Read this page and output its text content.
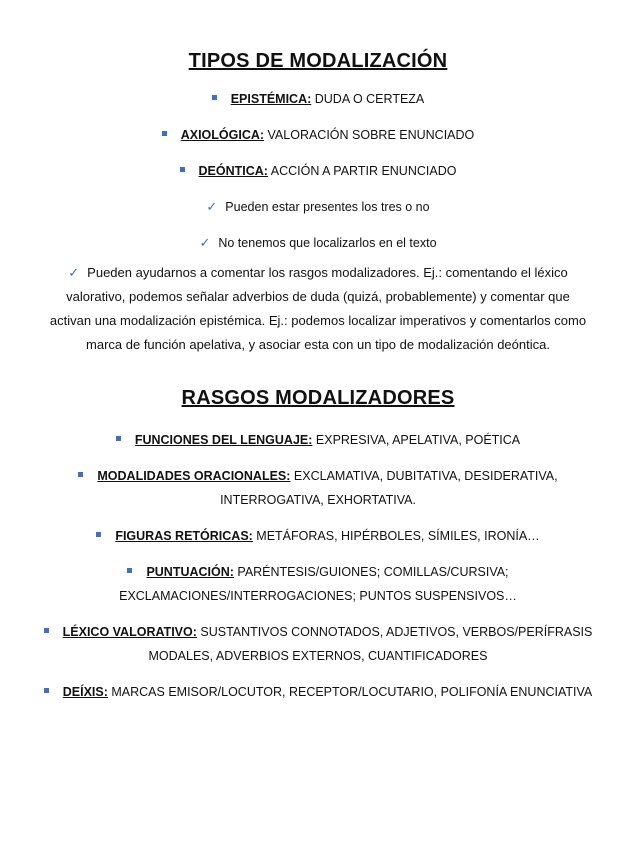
TIPOS DE MODALIZACIÓN

EPISTÉMICA: DUDA O CERTEZA

AXIOLÓGICA: VALORACIÓN SOBRE ENUNCIADO

DEÓNTICA: ACCIÓN A PARTIR ENUNCIADO

✓ Pueden estar presentes los tres o no

✓ No tenemos que localizarlos en el texto

✓ Pueden ayudarnos a comentar los rasgos modalizadores. Ej.: comentando el léxico valorativo, podemos señalar adverbios de duda (quizá, probablemente) y comentar que activan una modalización epistémica. Ej.: podemos localizar imperativos y comentarlos como marca de función apelativa, y asociar esta con un tipo de modalización deóntica.

RASGOS MODALIZADORES

FUNCIONES DEL LENGUAJE: EXPRESIVA, APELATIVA, POÉTICA

MODALIDADES ORACIONALES: EXCLAMATIVA, DUBITATIVA, DESIDERATIVA, INTERROGATIVA, EXHORTATIVA.

FIGURAS RETÓRICAS: METÁFORAS, HIPÉRBOLES, SÍMILES, IRONÍA…

PUNTUACIÓN: PARÉNTESIS/GUIONES; COMILLAS/CURSIVA; EXCLAMACIONES/INTERROGACIONES; PUNTOS SUSPENSIVOS…

LÉXICO VALORATIVO: SUSTANTIVOS CONNOTADOS, ADJETIVOS, VERBOS/PERÍFRASIS MODALES, ADVERBIOS EXTERNOS, CUANTIFICADORES

DEÍXIS: MARCAS EMISOR/LOCUTOR, RECEPTOR/LOCUTARIO, POLIFONÍA ENUNCIATIVA
